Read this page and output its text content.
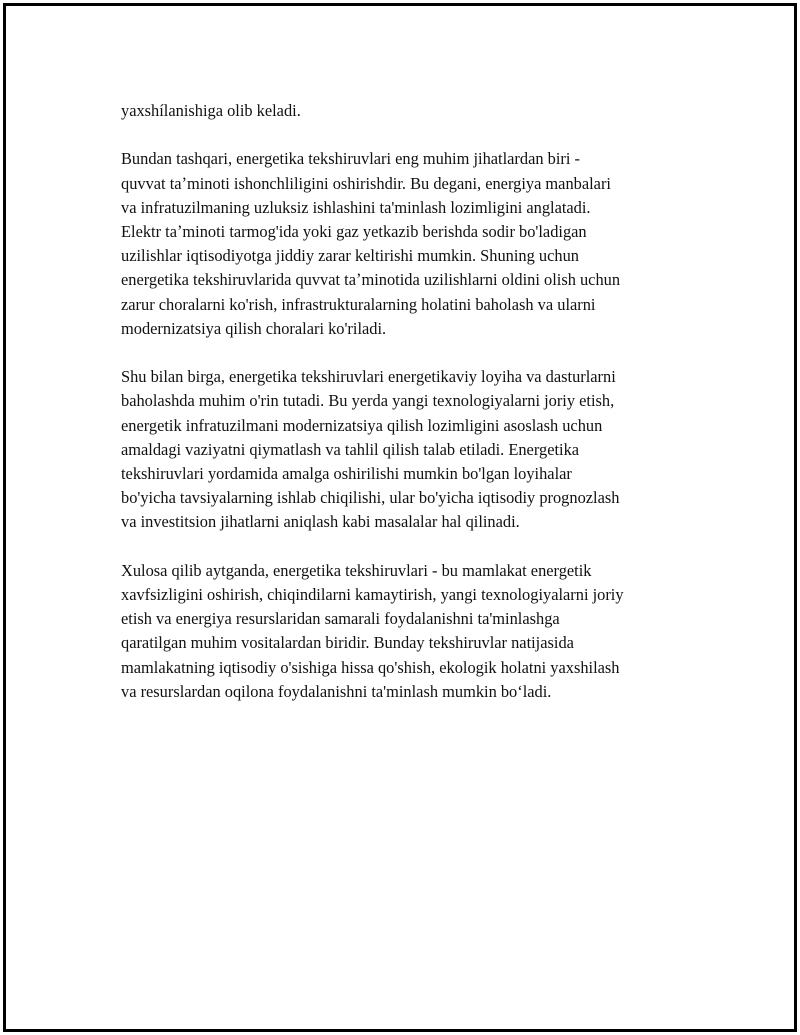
yaxshílanishiga olib keladi.

Bundan tashqari, energetika tekshiruvlari eng muhim jihatlardan biri -
quvvat taʼminoti ishonchliligini oshirishdir. Bu degani, energiya manbalari
va infratuzilmaning uzluksiz ishlashini ta'minlash lozimligini anglatadi.
Elektr taʼminoti tarmog'ida yoki gaz yetkazib berishda sodir bo'ladigan
uzilishlar iqtisodiyotga jiddiy zarar keltirishi mumkin. Shuning uchun
energetika tekshiruvlarida quvvat taʼminotida uzilishlarni oldini olish uchun
zarur choralarni ko'rish, infrastrukturalarning holatini baholash va ularni
modernizatsiya qilish choralari ko'riladi.

Shu bilan birga, energetika tekshiruvlari energetikaviy loyiha va dasturlarni
baholashda muhim o'rin tutadi. Bu yerda yangi texnologiyalarni joriy etish,
energetik infratuzilmani modernizatsiya qilish lozimligini asoslash uchun
amaldagi vaziyatni qiymatlash va tahlil qilish talab etiladi. Energetika
tekshiruvlari yordamida amalga oshirilishi mumkin bo'lgan loyihalar
bo'yicha tavsiyalarning ishlab chiqilishi, ular bo'yicha iqtisodiy prognozlash
va investitsion jihatlarni aniqlash kabi masalalar hal qilinadi.

Xulosa qilib aytganda, energetika tekshiruvlari - bu mamlakat energetik
xavfsizligini oshirish, chiqindilarni kamaytirish, yangi texnologiyalarni joriy
etish va energiya resurslaridan samarali foydalanishni ta'minlashga
qaratilgan muhim vositalardan biridir. Bunday tekshiruvlar natijasida
mamlakatning iqtisodiy o'sishiga hissa qo'shish, ekologik holatni yaxshilash
va resurslardan oqilona foydalanishni ta'minlash mumkin boʻladi.
